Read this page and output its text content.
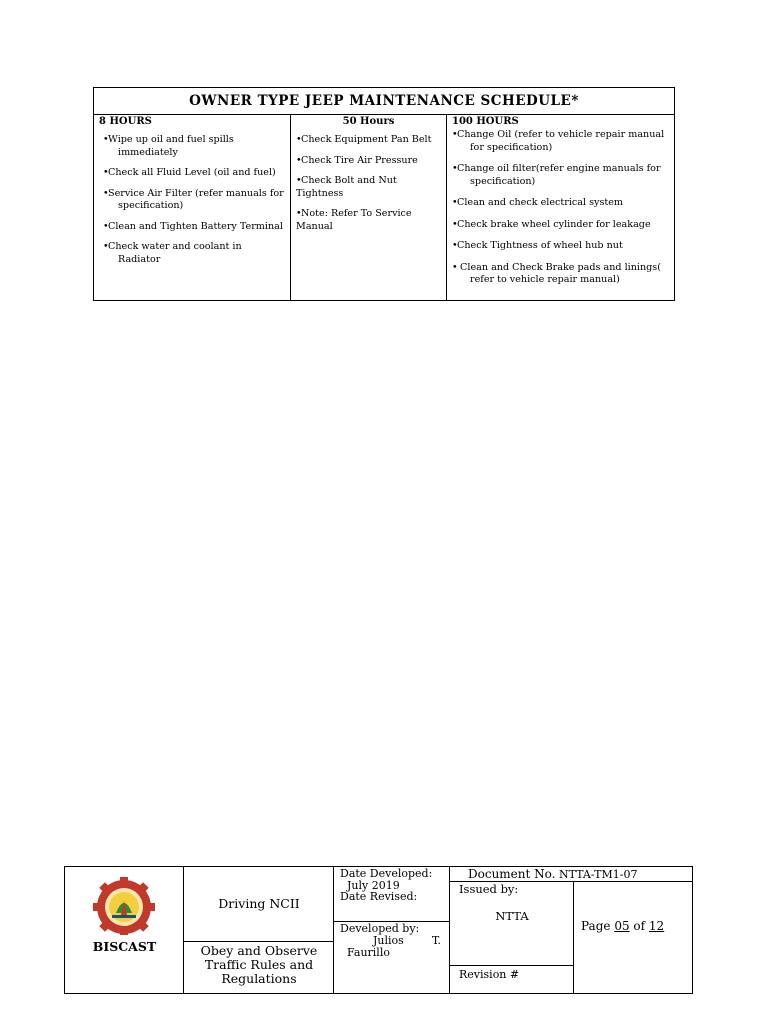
OWNER TYPE JEEP MAINTENANCE SCHEDULE*
8 HOURS
•Wipe up oil and fuel spills immediately
•Check all Fluid Level (oil and fuel)
•Service Air Filter (refer manuals for specification)
•Clean and Tighten Battery Terminal
•Check water and coolant in Radiator
50 Hours
•Check Equipment Pan Belt
•Check Tire Air Pressure
•Check Bolt and Nut Tightness
•Note: Refer To Service Manual
100 HOURS
•Change Oil (refer to vehicle repair manual for specification)
•Change oil filter(refer engine manuals for specification)
•Clean and check electrical system
•Check brake wheel cylinder for leakage
•Check Tightness of wheel hub nut
• Clean and Check Brake pads and linings( refer to vehicle repair manual)
BISCAST
Driving NCII
Obey and Observe Traffic Rules and Regulations
Date Developed:
July 2019
Date Revised:
Developed by:
Julios	T.
Faurillo
Document No. NTTA-TM1-07
Issued by:
NTTA
Revision #
Page 05 of 12
